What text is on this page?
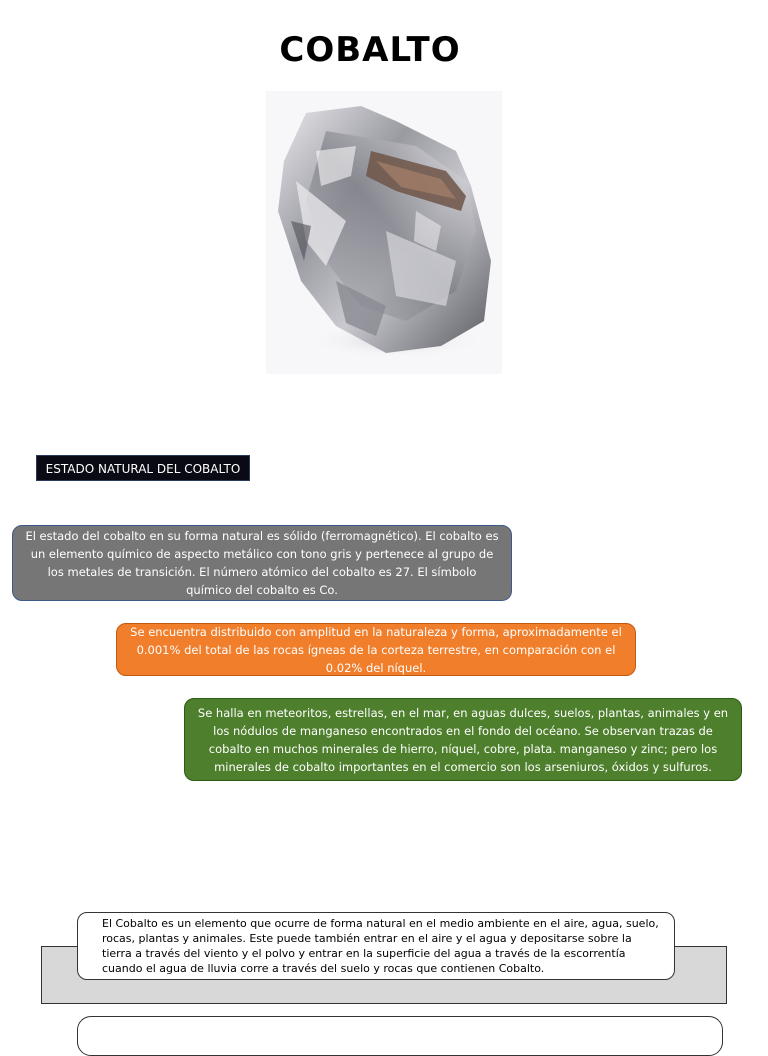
COBALTO
ESTADO NATURAL DEL COBALTO
El estado del cobalto en su forma natural es sólido (ferromagnético). El cobalto es un elemento químico de aspecto metálico con tono gris y pertenece al grupo de los metales de transición. El número atómico del cobalto es 27. El símbolo químico del cobalto es Co.
Se encuentra distribuido con amplitud en la naturaleza y forma, aproximadamente el 0.001% del total de las rocas ígneas de la corteza terrestre, en comparación con el 0.02% del níquel.
Se halla en meteoritos, estrellas, en el mar, en aguas dulces, suelos, plantas, animales y en los nódulos de manganeso encontrados en el fondo del océano. Se observan trazas de cobalto en muchos minerales de hierro, níquel, cobre, plata. manganeso y zinc; pero los minerales de cobalto importantes en el comercio son los arseniuros, óxidos y sulfuros.
El Cobalto es un elemento que ocurre de forma natural en el medio ambiente en el aire, agua, suelo, rocas, plantas y animales. Este puede también entrar en el aire y el agua y depositarse sobre la tierra a través del viento y el polvo y entrar en la superficie del agua a través de la escorrentía cuando el agua de lluvia corre a través del suelo y rocas que contienen Cobalto.
